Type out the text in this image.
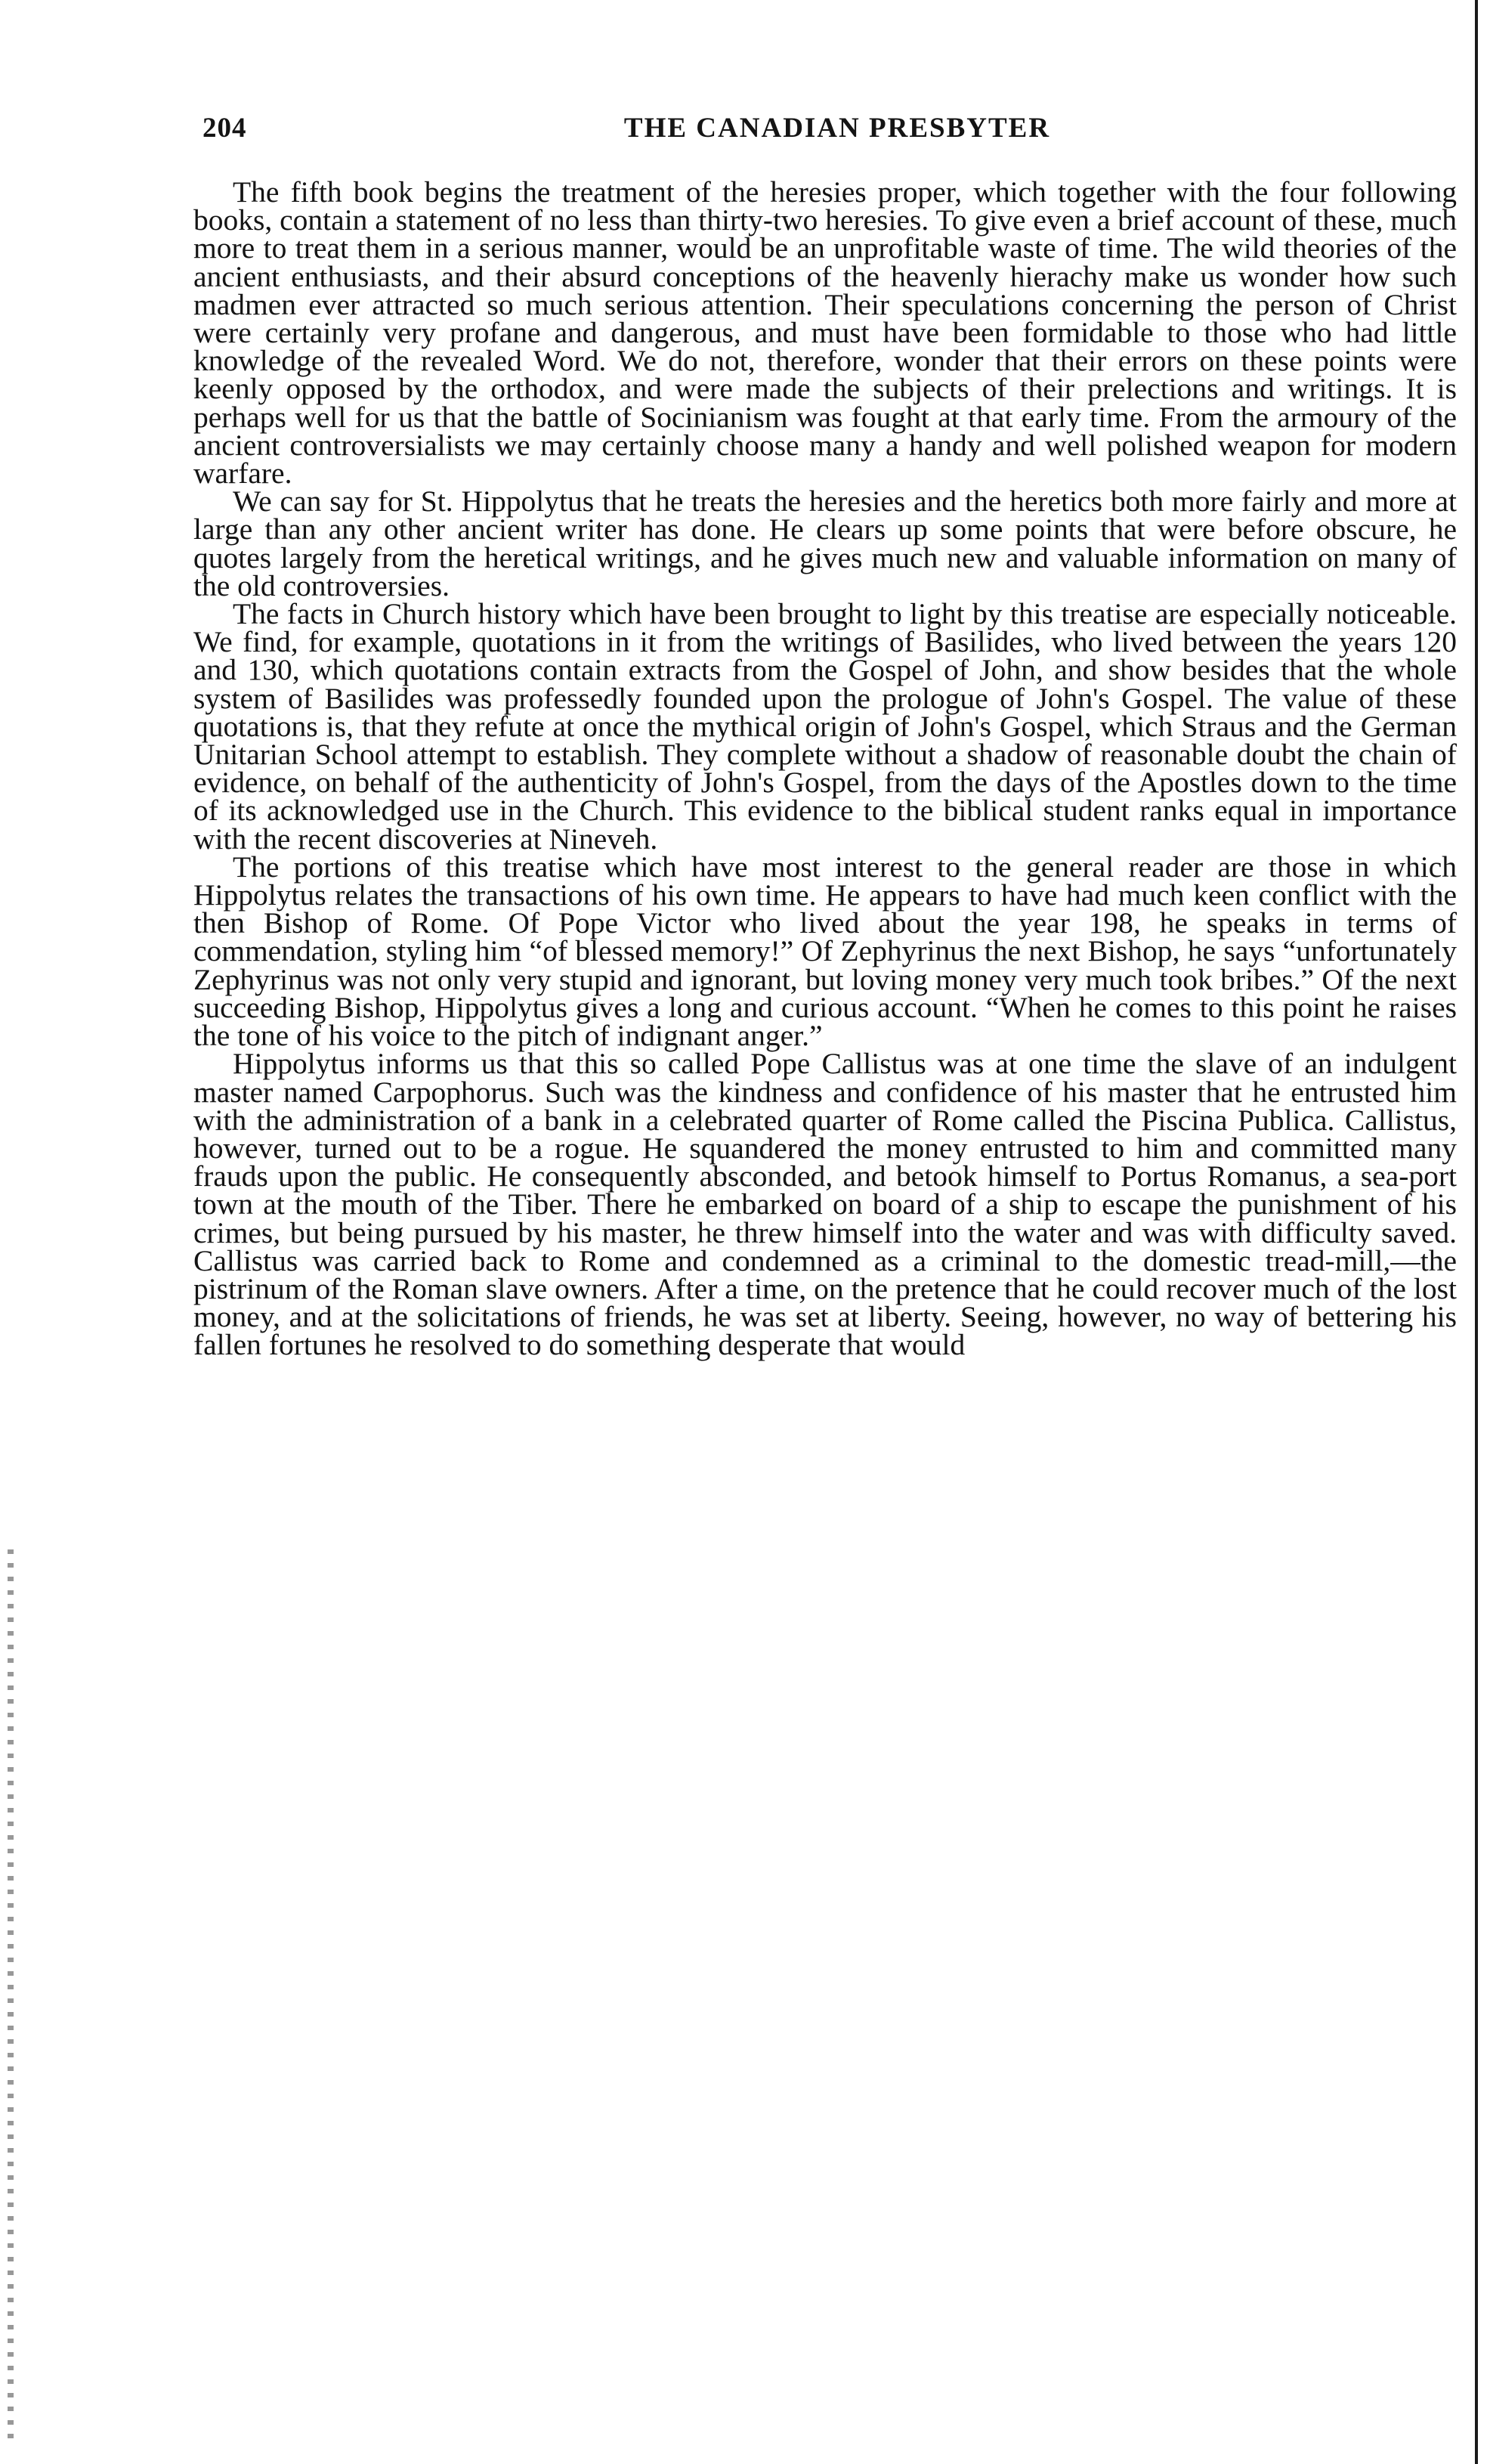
204	THE CANADIAN PRESBYTER

The fifth book begins the treatment of the heresies proper, which together with the four following books, contain a statement of no less than thirty-two heresies. To give even a brief account of these, much more to treat them in a serious manner, would be an unprofitable waste of time. The wild theories of the ancient enthusiasts, and their absurd conceptions of the heavenly hierachy make us wonder how such madmen ever attracted so much serious attention. Their speculations concerning the person of Christ were certainly very profane and dangerous, and must have been formidable to those who had little knowledge of the revealed Word. We do not, therefore, wonder that their errors on these points were keenly opposed by the orthodox, and were made the subjects of their prelections and writings. It is perhaps well for us that the battle of Socinianism was fought at that early time. From the armoury of the ancient controversialists we may certainly choose many a handy and well polished weapon for modern warfare.

We can say for St. Hippolytus that he treats the heresies and the heretics both more fairly and more at large than any other ancient writer has done. He clears up some points that were before obscure, he quotes largely from the heretical writings, and he gives much new and valuable information on many of the old controversies.

The facts in Church history which have been brought to light by this treatise are especially noticeable. We find, for example, quotations in it from the writings of Basilides, who lived between the years 120 and 130, which quotations contain extracts from the Gospel of John, and show besides that the whole system of Basilides was professedly founded upon the prologue of John's Gospel. The value of these quotations is, that they refute at once the mythical origin of John's Gospel, which Straus and the German Unitarian School attempt to establish. They complete without a shadow of reasonable doubt the chain of evidence, on behalf of the authenticity of John's Gospel, from the days of the Apostles down to the time of its acknowledged use in the Church. This evidence to the biblical student ranks equal in importance with the recent discoveries at Nineveh.

The portions of this treatise which have most interest to the general reader are those in which Hippolytus relates the transactions of his own time. He appears to have had much keen conflict with the then Bishop of Rome. Of Pope Victor who lived about the year 198, he speaks in terms of commendation, styling him “of blessed memory!” Of Zephyrinus the next Bishop, he says “unfortunately Zephyrinus was not only very stupid and ignorant, but loving money very much took bribes.” Of the next succeeding Bishop, Hippolytus gives a long and curious account. “When he comes to this point he raises the tone of his voice to the pitch of indignant anger.”

Hippolytus informs us that this so called Pope Callistus was at one time the slave of an indulgent master named Carpophorus. Such was the kindness and confidence of his master that he entrusted him with the administration of a bank in a celebrated quarter of Rome called the Piscina Publica. Callistus, however, turned out to be a rogue. He squandered the money entrusted to him and committed many frauds upon the public. He consequently absconded, and betook himself to Portus Romanus, a sea-port town at the mouth of the Tiber. There he embarked on board of a ship to escape the punishment of his crimes, but being pursued by his master, he threw himself into the water and was with difficulty saved. Callistus was carried back to Rome and condemned as a criminal to the domestic tread-mill,—the pistrinum of the Roman slave owners. After a time, on the pretence that he could recover much of the lost money, and at the solicitations of friends, he was set at liberty. Seeing, however, no way of bettering his fallen fortunes he resolved to do something desperate that would
